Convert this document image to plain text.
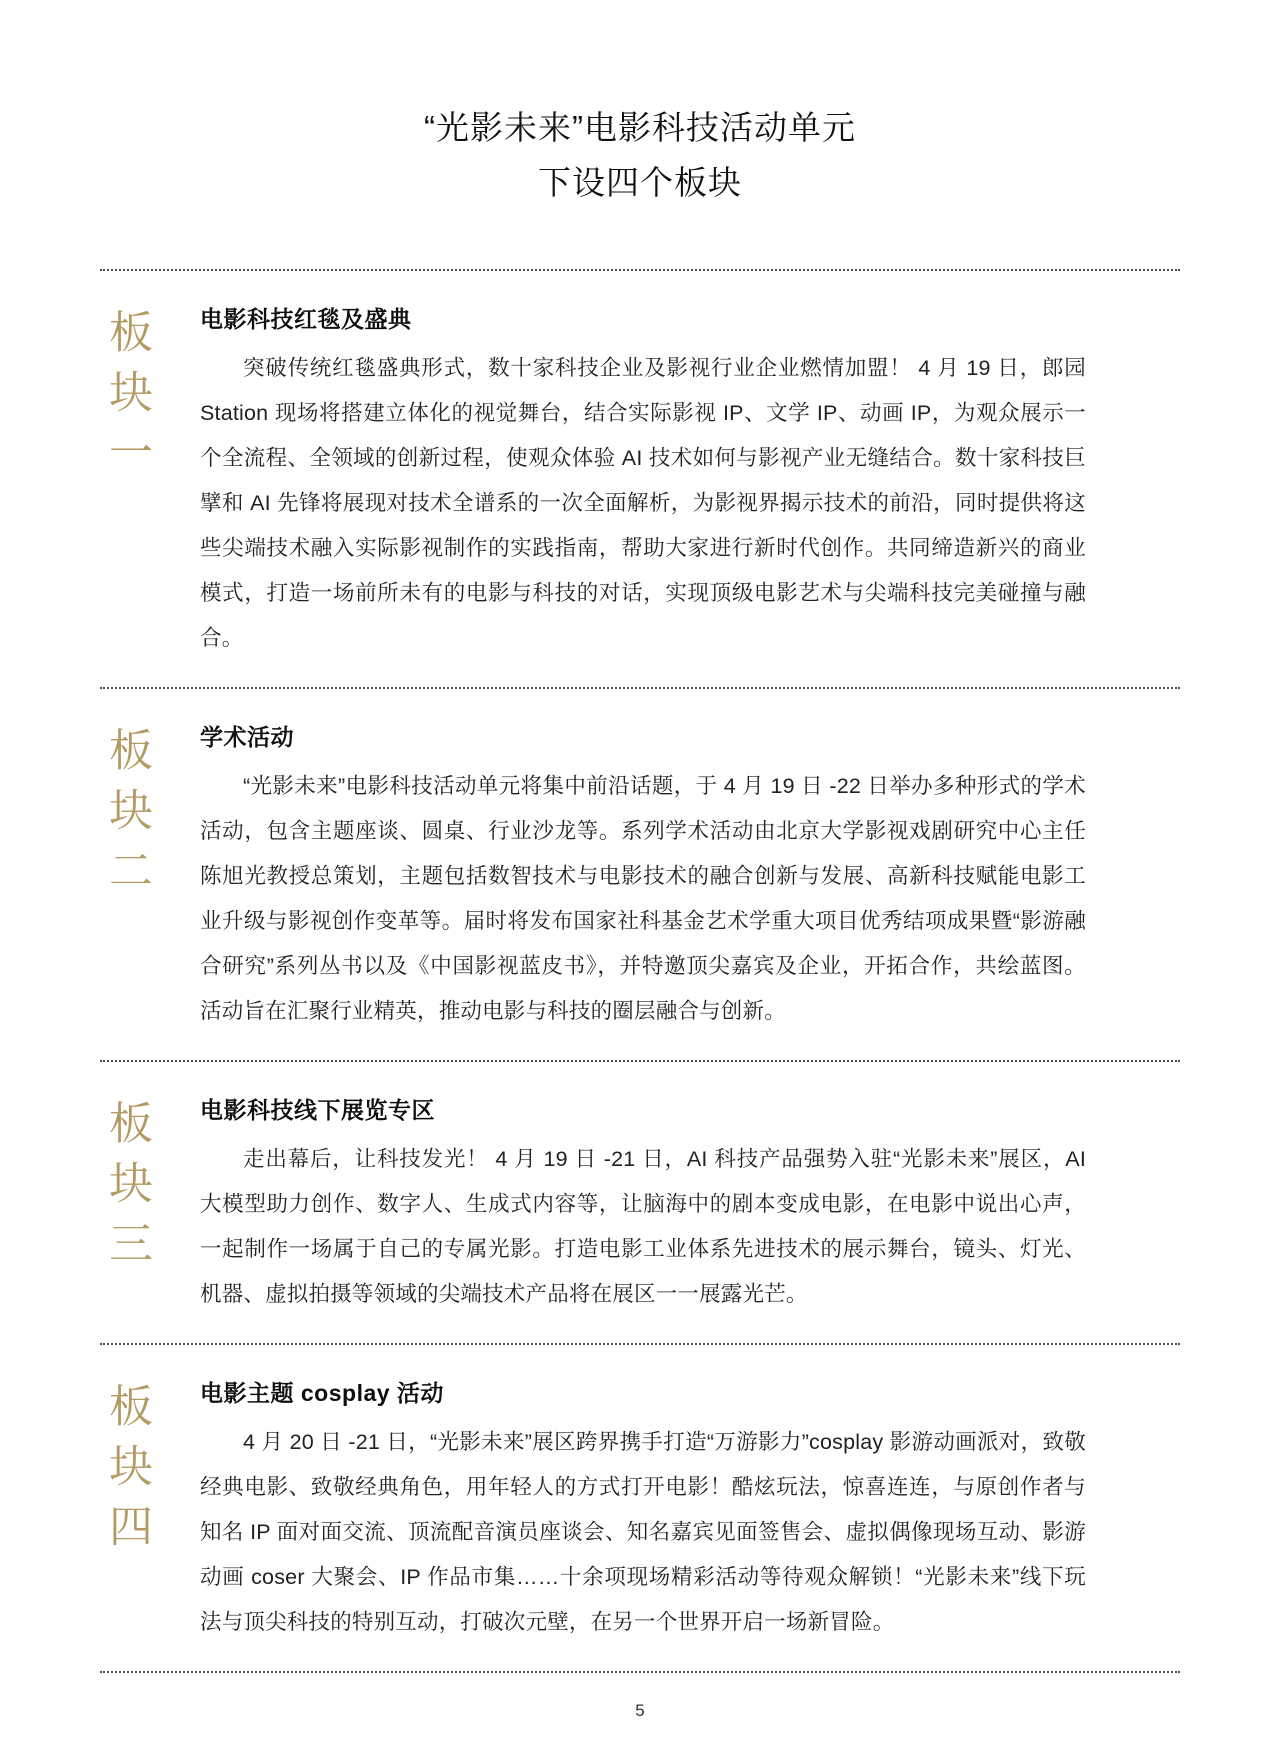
“光影未来”电影科技活动单元
下设四个板块
板块一 电影科技红毯及盛典
突破传统红毯盛典形式，数十家科技企业及影视行业企业燃情加盟！ 4 月 19 日，郎园 Station 现场将搭建立体化的视觉舞台，结合实际影视 IP、文学 IP、动画 IP，为观众展示一个全流程、全领域的创新过程，使观众体验 AI 技术如何与影视产业无缝结合。数十家科技巨擘和 AI 先锋将展现对技术全谱系的一次全面解析，为影视界揭示技术的前沿，同时提供将这些尖端技术融入实际影视制作的实践指南，帮助大家进行新时代创作。共同缔造新兴的商业模式，打造一场前所未有的电影与科技的对话，实现顶级电影艺术与尖端科技完美碰撞与融合。
板块二 学术活动
“光影未来”电影科技活动单元将集中前沿话题，于 4 月 19 日 -22 日举办多种形式的学术活动，包含主题座谈、圆桌、行业沙龙等。系列学术活动由北京大学影视戏剧研究中心主任陈旭光教授总策划，主题包括数智技术与电影技术的融合创新与发展、高新科技赋能电影工业升级与影视创作变革等。届时将发布国家社科基金艺术学重大项目优秀结项成果暨“影游融合研究”系列丛书以及《中国影视蓝皮书》，并特邀顶尖嘉宾及企业，开拓合作，共绘蓝图。活动旨在汇聚行业精英，推动电影与科技的圈层融合与创新。
板块三 电影科技线下展览专区
走出幕后，让科技发光！ 4 月 19 日 -21 日，AI 科技产品强势入驻“光影未来”展区，AI 大模型助力创作、数字人、生成式内容等，让脑海中的剧本变成电影，在电影中说出心声，一起制作一场属于自己的专属光影。打造电影工业体系先进技术的展示舞台，镜头、灯光、机器、虚拟拍摄等领域的尖端技术产品将在展区一一展露光芒。
板块四 电影主题 cosplay 活动
4 月 20 日 -21 日，“光影未来”展区跨界携手打造“万游影力”cosplay 影游动画派对，致敬经典电影、致敬经典角色，用年轻人的方式打开电影！酷炫玩法，惊喜连连，与原创作者与知名 IP 面对面交流、顶流配音演员座谈会、知名嘉宾见面签售会、虚拟偶像现场互动、影游动画 coser 大聚会、IP 作品市集……十余项现场精彩活动等待观众解锁！“光影未来”线下玩法与顶尖科技的特别互动，打破次元壁，在另一个世界开启一场新冒险。
5
